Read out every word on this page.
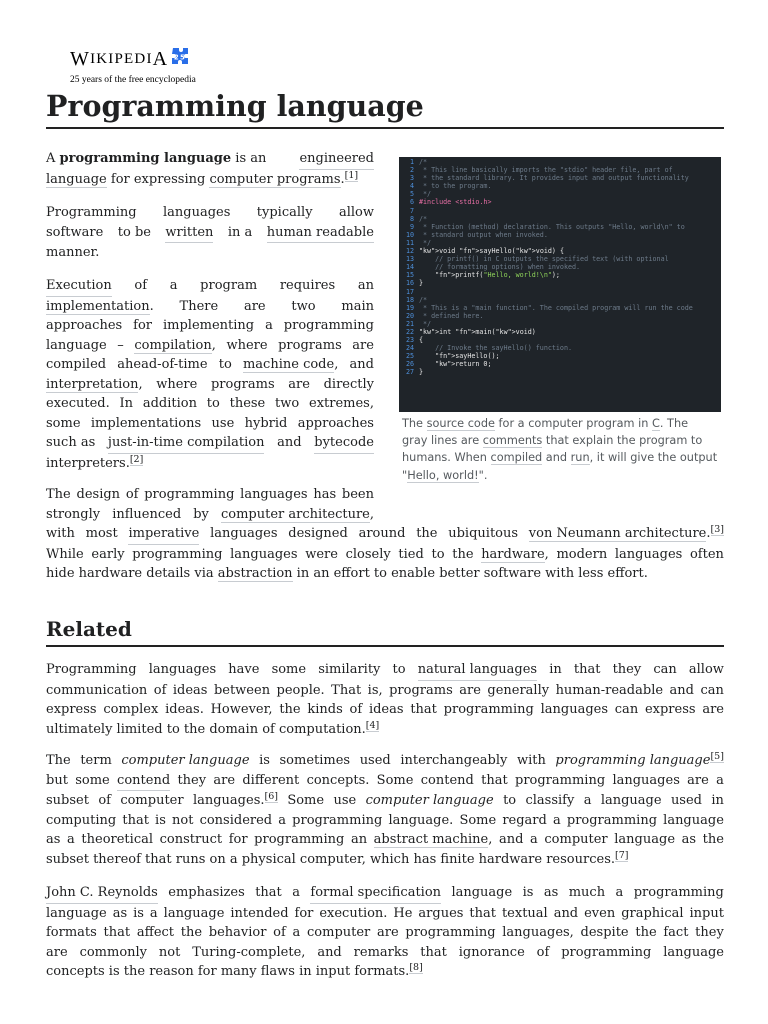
W IKIPEDI A 25
25 years of the free encyclopedia
Programming language
A programming language is an	engineered
language for expressing computer programs.[1]
Programming languages typically allow
software to be written in a human readable
manner.
Execution of a program requires an
implementation. There are two main
approaches for implementing a programming
language – compilation, where programs are
compiled ahead-of-time to machine code, and
interpretation, where programs are directly
executed. In addition to these two extremes,
some implementations use hybrid approaches
such as just-in-time compilation and bytecode
interpreters.[2]
The design of programming languages has been
strongly influenced by computer architecture,
with most imperative languages designed around the ubiquitous von Neumann architecture.[3]
While early programming languages were closely tied to the hardware, modern languages often
hide hardware details via abstraction in an effort to enable better software with less effort.
1 /*
2 * This line basically imports the "stdio" header file, part of
3 * the standard library. It provides input and output functionality
4 * to the program.
5 */
6 #include <stdio.h>
7
8 /*
9 * Function (method) declaration. This outputs "Hello, world\n" to
10 * standard output when invoked.
11 */
12 "kw">void "fn">sayHello("kw">void) {
13 // printf() in C outputs the specified text (with optional
14 // formatting options) when invoked.
15	"fn">printf("Hello, world!\n");
16 }
17
18 /*
19 * This is a "main function". The compiled program will run the code
20 * defined here.
21 */
22 "kw">int "fn">main("kw">void)
23 {
24 // Invoke the sayHello() function.
25	"fn">sayHello();
26	"kw">return 0;
27 }
The source code for a computer program in C. The
gray lines are comments that explain the program to
humans. When compiled and run, it will give the output
"Hello, world!".
Related
Programming languages have some similarity to natural languages in that they can allow
communication of ideas between people. That is, programs are generally human-readable and can
express complex ideas. However, the kinds of ideas that programming languages can express are
ultimately limited to the domain of computation.[4]
The term computer language is sometimes used interchangeably with programming language[5]
but some contend they are different concepts. Some contend that programming languages are a
subset of computer languages.[6] Some use computer language to classify a language used in
computing that is not considered a programming language. Some regard a programming language
as a theoretical construct for programming an abstract machine, and a computer language as the
subset thereof that runs on a physical computer, which has finite hardware resources.[7]
John C. Reynolds emphasizes that a formal specification language is as much a programming
language as is a language intended for execution. He argues that textual and even graphical input
formats that affect the behavior of a computer are programming languages, despite the fact they
are commonly not Turing-complete, and remarks that ignorance of programming language
concepts is the reason for many flaws in input formats.[8]
